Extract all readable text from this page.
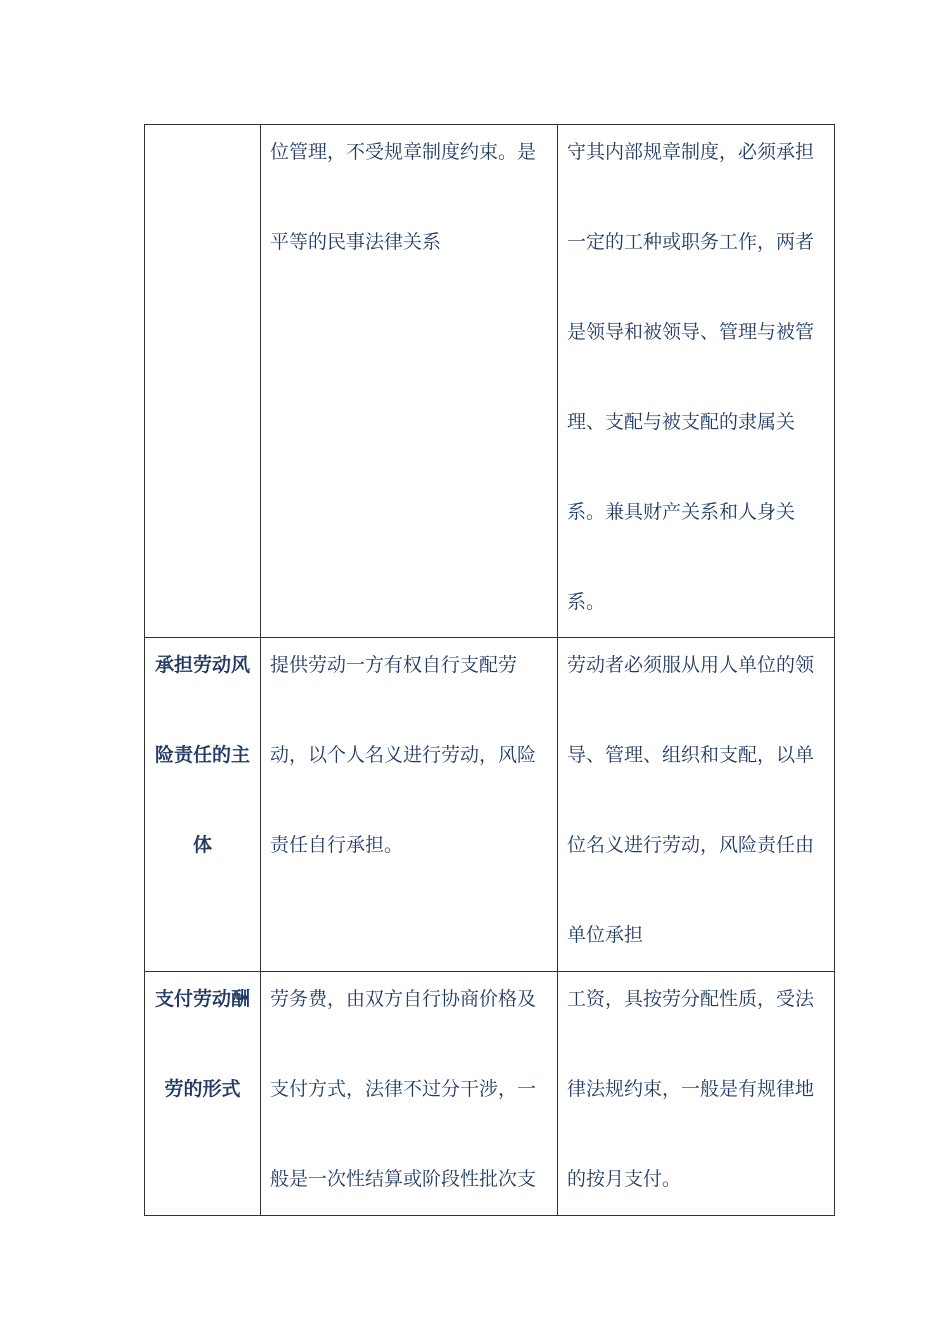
	位管理，不受规章制度约束。是平等的民事法律关系	守其内部规章制度，必须承担一定的工种或职务工作，两者是领导和被领导、管理与被管理、支配与被支配的隶属关系。兼具财产关系和人身关系。

承担劳动风险责任的主体	提供劳动一方有权自行支配劳动，以个人名义进行劳动，风险责任自行承担。	劳动者必须服从用人单位的领导、管理、组织和支配，以单位名义进行劳动，风险责任由单位承担

支付劳动酬劳的形式	劳务费，由双方自行协商价格及支付方式，法律不过分干涉，一般是一次性结算或阶段性批次支	工资，具按劳分配性质，受法律法规约束，一般是有规律地的按月支付。
